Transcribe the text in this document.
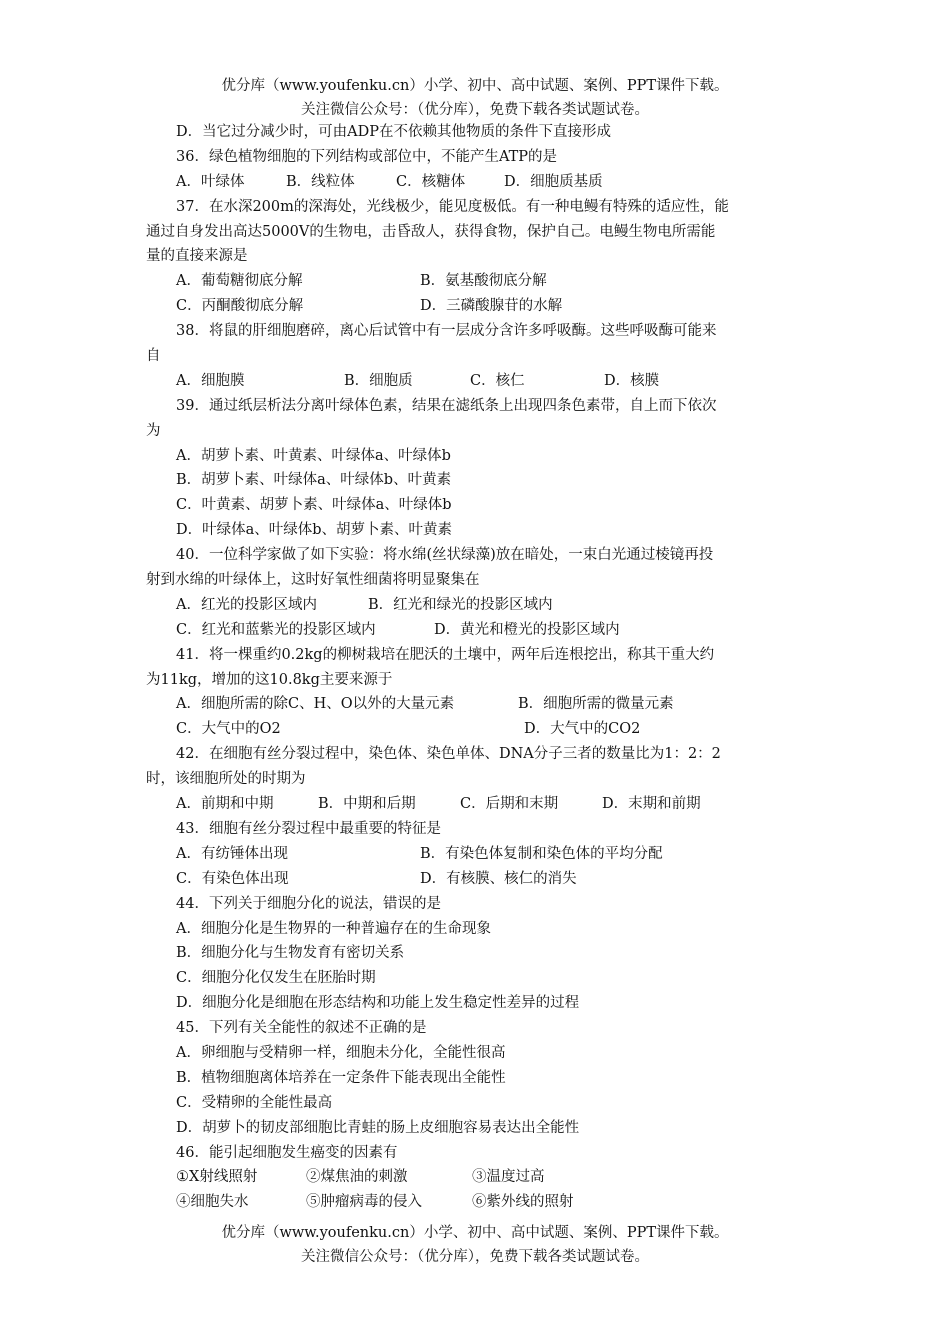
优分库（www.youfenku.cn）小学、初中、高中试题、案例、PPT课件下载。
关注微信公众号：（优分库），免费下载各类试题试卷。
D．当它过分减少时，可由ADP在不依赖其他物质的条件下直接形成
36．绿色植物细胞的下列结构或部位中，不能产生ATP的是
A．叶绿体	B．线粒体	C．核糖体	D．细胞质基质
37．在水深200m的深海处，光线极少，能见度极低。有一种电鳗有特殊的适应性，能
通过自身发出高达5000V的生物电，击昏敌人，获得食物，保护自己。电鳗生物电所需能
量的直接来源是
A．葡萄糖彻底分解	B．氨基酸彻底分解
C．丙酮酸彻底分解	D．三磷酸腺苷的水解
38．将鼠的肝细胞磨碎，离心后试管中有一层成分含许多呼吸酶。这些呼吸酶可能来
自
A．细胞膜	B．细胞质	C．核仁	D．核膜
39．通过纸层析法分离叶绿体色素，结果在滤纸条上出现四条色素带，自上而下依次
为
A．胡萝卜素、叶黄素、叶绿体a、叶绿体b
B．胡萝卜素、叶绿体a、叶绿体b、叶黄素
C．叶黄素、胡萝卜素、叶绿体a、叶绿体b
D．叶绿体a、叶绿体b、胡萝卜素、叶黄素
40．一位科学家做了如下实验：将水绵(丝状绿藻)放在暗处，一束白光通过棱镜再投
射到水绵的叶绿体上，这时好氧性细菌将明显聚集在
A．红光的投影区域内	B．红光和绿光的投影区域内
C．红光和蓝紫光的投影区域内	D．黄光和橙光的投影区域内
41．将一棵重约0.2kg的柳树栽培在肥沃的土壤中，两年后连根挖出，称其干重大约
为11kg，增加的这10.8kg主要来源于
A．细胞所需的除C、H、O以外的大量元素	B．细胞所需的微量元素
C．大气中的O2	D．大气中的CO2
42．在细胞有丝分裂过程中，染色体、染色单体、DNA分子三者的数量比为1：2：2
时，该细胞所处的时期为
A．前期和中期	B．中期和后期	C．后期和末期	D．末期和前期
43．细胞有丝分裂过程中最重要的特征是
A．有纺锤体出现	B．有染色体复制和染色体的平均分配
C．有染色体出现	D．有核膜、核仁的消失
44．下列关于细胞分化的说法，错误的是
A．细胞分化是生物界的一种普遍存在的生命现象
B．细胞分化与生物发育有密切关系
C．细胞分化仅发生在胚胎时期
D．细胞分化是细胞在形态结构和功能上发生稳定性差异的过程
45．下列有关全能性的叙述不正确的是
A．卵细胞与受精卵一样，细胞未分化，全能性很高
B．植物细胞离体培养在一定条件下能表现出全能性
C．受精卵的全能性最高
D．胡萝卜的韧皮部细胞比青蛙的肠上皮细胞容易表达出全能性
46．能引起细胞发生癌变的因素有
①X射线照射	②煤焦油的刺激	③温度过高
④细胞失水	⑤肿瘤病毒的侵入	⑥紫外线的照射
优分库（www.youfenku.cn）小学、初中、高中试题、案例、PPT课件下载。
关注微信公众号：（优分库），免费下载各类试题试卷。
